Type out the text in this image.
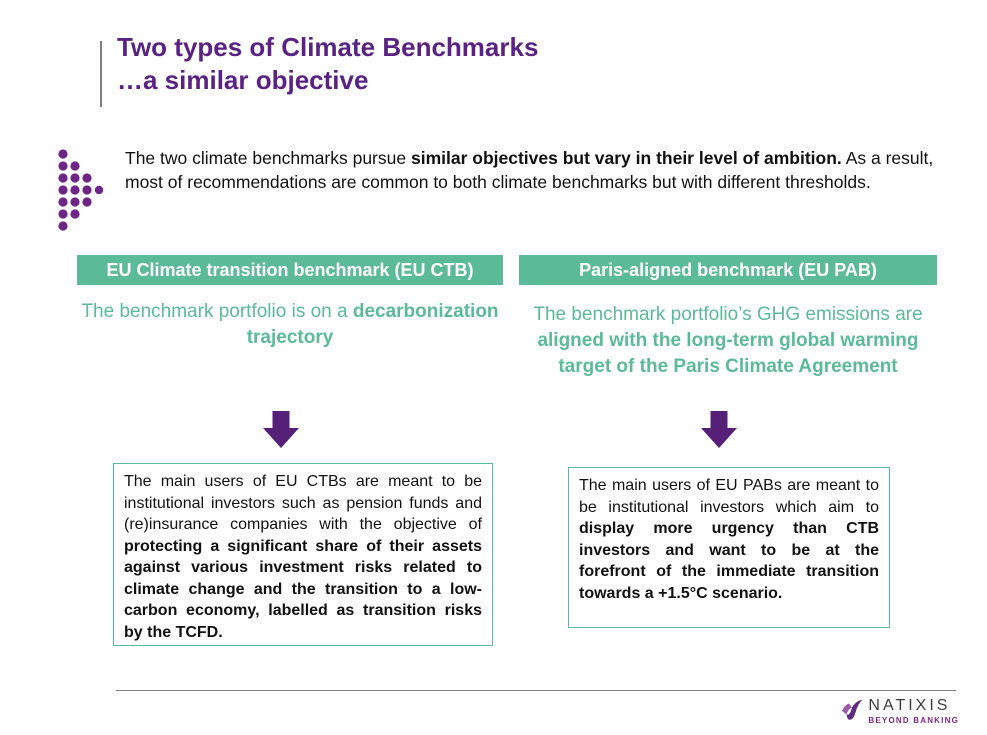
Two types of Climate Benchmarks
…a similar objective

The two climate benchmarks pursue similar objectives but vary in their level of ambition. As a result, most of recommendations are common to both climate benchmarks but with different thresholds.

EU Climate transition benchmark (EU CTB)	Paris-aligned benchmark (EU PAB)
The benchmark portfolio is on a decarbonization trajectory
The benchmark portfolio’s GHG emissions are aligned with the long-term global warming target of the Paris Climate Agreement
The main users of EU CTBs are meant to be institutional investors such as pension funds and (re)insurance companies with the objective of protecting a significant share of their assets against various investment risks related to climate change and the transition to a low-carbon economy, labelled as transition risks by the TCFD.
The main users of EU PABs are meant to be institutional investors which aim to display more urgency than CTB investors and want to be at the forefront of the immediate transition towards a +1.5°C scenario.
NATIXIS
BEYOND BANKING
